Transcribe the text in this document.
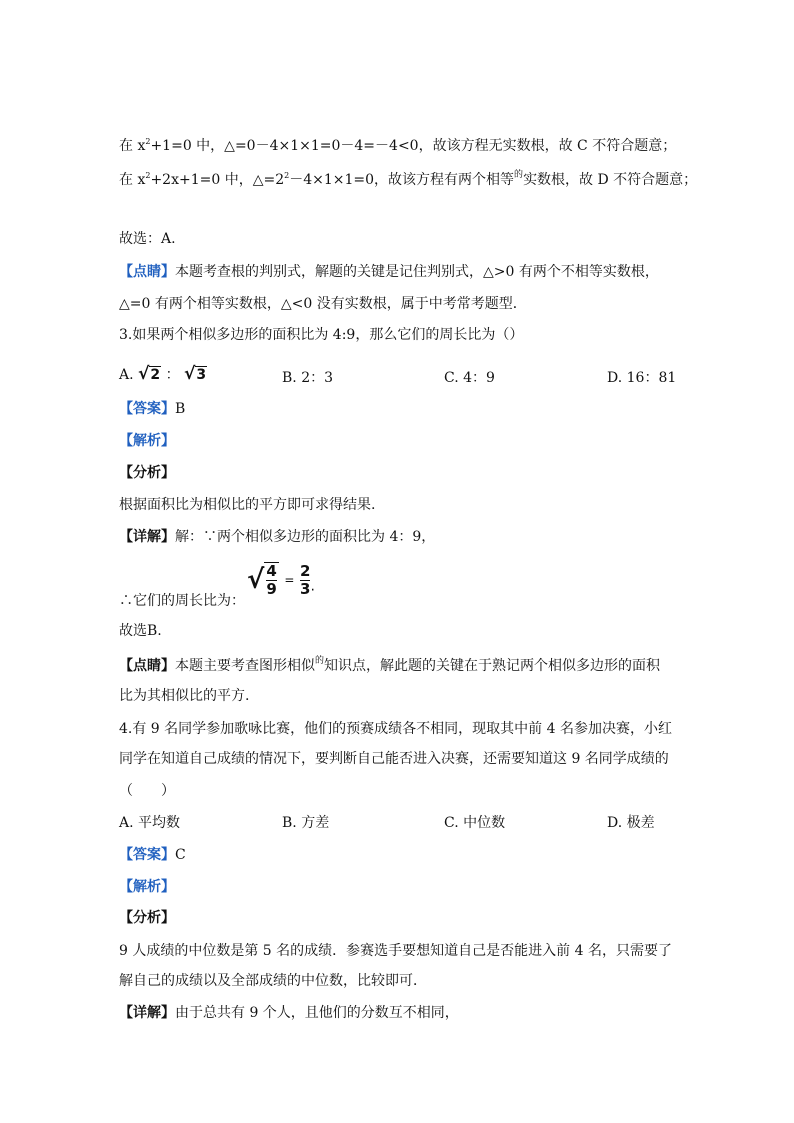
在 $x^2+1=0$ 中，△=0－4×1×1=0－4=－4<0，故该方程无实数根，故 C 不符合题意；
在 $x^2+2x+1=0$ 中，$\triangle=2^2-4\times 1\times 1=0$，故该方程有两个相等$^的$实数根，故 D 不符合题意；
故选：A.
【点睛】本题考查根的判别式，解题的关键是记住判别式，△>0 有两个不相等实数根，
△=0 有两个相等实数根，△<0 没有实数根，属于中考常考题型．
3.如果两个相似多边形的面积比为 4:9，那么它们的周长比为（）
A. √2 ： √3	B. 2：3	C. 4：9	D. 16：81
【答案】B
【解析】
【分析】
根据面积比为相似比的平方即可求得结果.
【详解】解：∵两个相似多边形的面积比为 4：9，
∴它们的周长比为：
√ $\frac{4}{9} = \frac{2}{3}$ .
故选B.
【点睛】本题主要考查图形相似$^的$知识点，解此题的关键在于熟记两个相似多边形的面积
比为其相似比的平方.
4.有 9 名同学参加歌咏比赛，他们的预赛成绩各不相同，现取其中前 4 名参加决赛，小红
同学在知道自己成绩的情况下，要判断自己能否进入决赛，还需要知道这 9 名同学成绩的
（　　）
A. 平均数	B. 方差	C. 中位数	D. 极差
【答案】C
【解析】
【分析】
9 人成绩的中位数是第 5 名的成绩．参赛选手要想知道自己是否能进入前 4 名，只需要了
解自己的成绩以及全部成绩的中位数，比较即可．
【详解】由于总共有 9 个人，且他们的分数互不相同，
